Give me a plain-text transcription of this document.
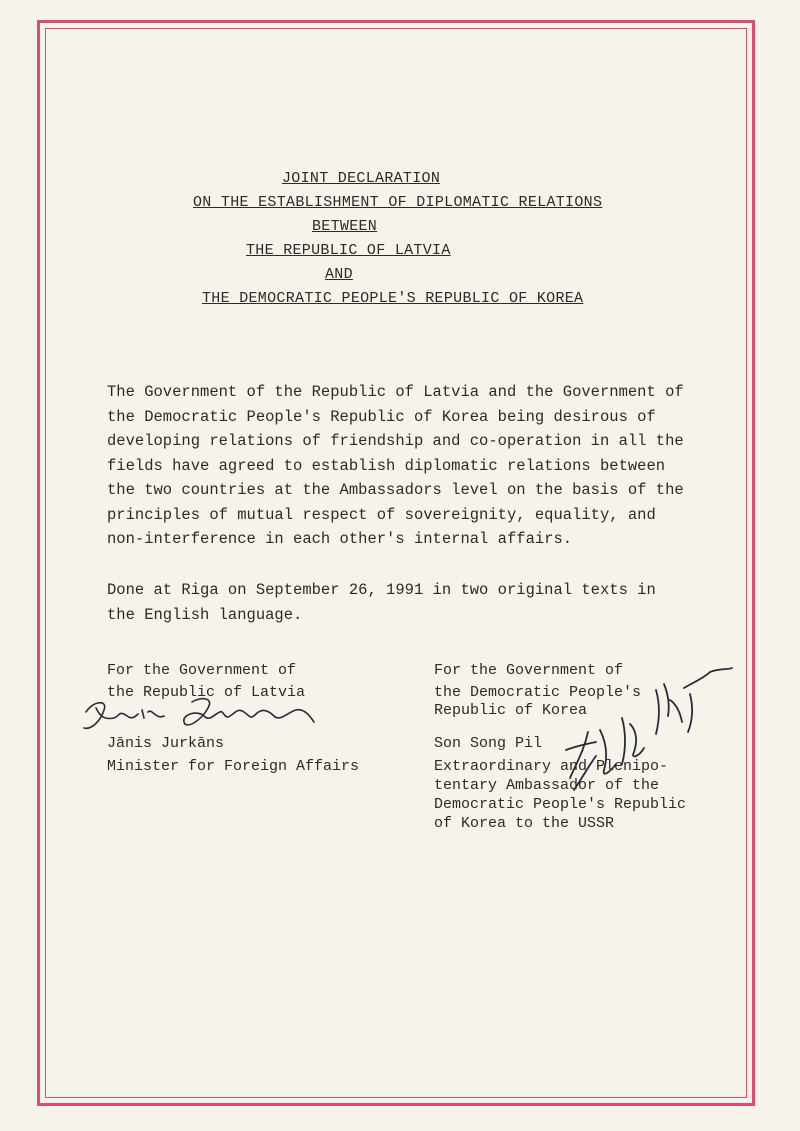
JOINT DECLARATION
ON THE ESTABLISHMENT OF DIPLOMATIC RELATIONS
BETWEEN
THE REPUBLIC OF LATVIA
AND
THE DEMOCRATIC PEOPLE'S REPUBLIC OF KOREA
The Government of the Republic of Latvia and the Government of
the Democratic People's Republic of Korea being desirous of
developing relations of friendship and co-operation in all the
fields have agreed to establish diplomatic relations between
the two countries at the Ambassadors level on the basis of the
principles of mutual respect of sovereignity, equality, and
non-interference in each other's internal affairs.
Done at Riga on September 26, 1991 in two original texts in
the English language.
For the Government of
the Republic of Latvia
Jānis Jurkāns
Minister for Foreign Affairs
For the Government of
the Democratic People's
Republic of Korea
Son Song Pil
Extraordinary and Plenipo-
tentary Ambassador of the
Democratic People's Republic
of Korea to the USSR
